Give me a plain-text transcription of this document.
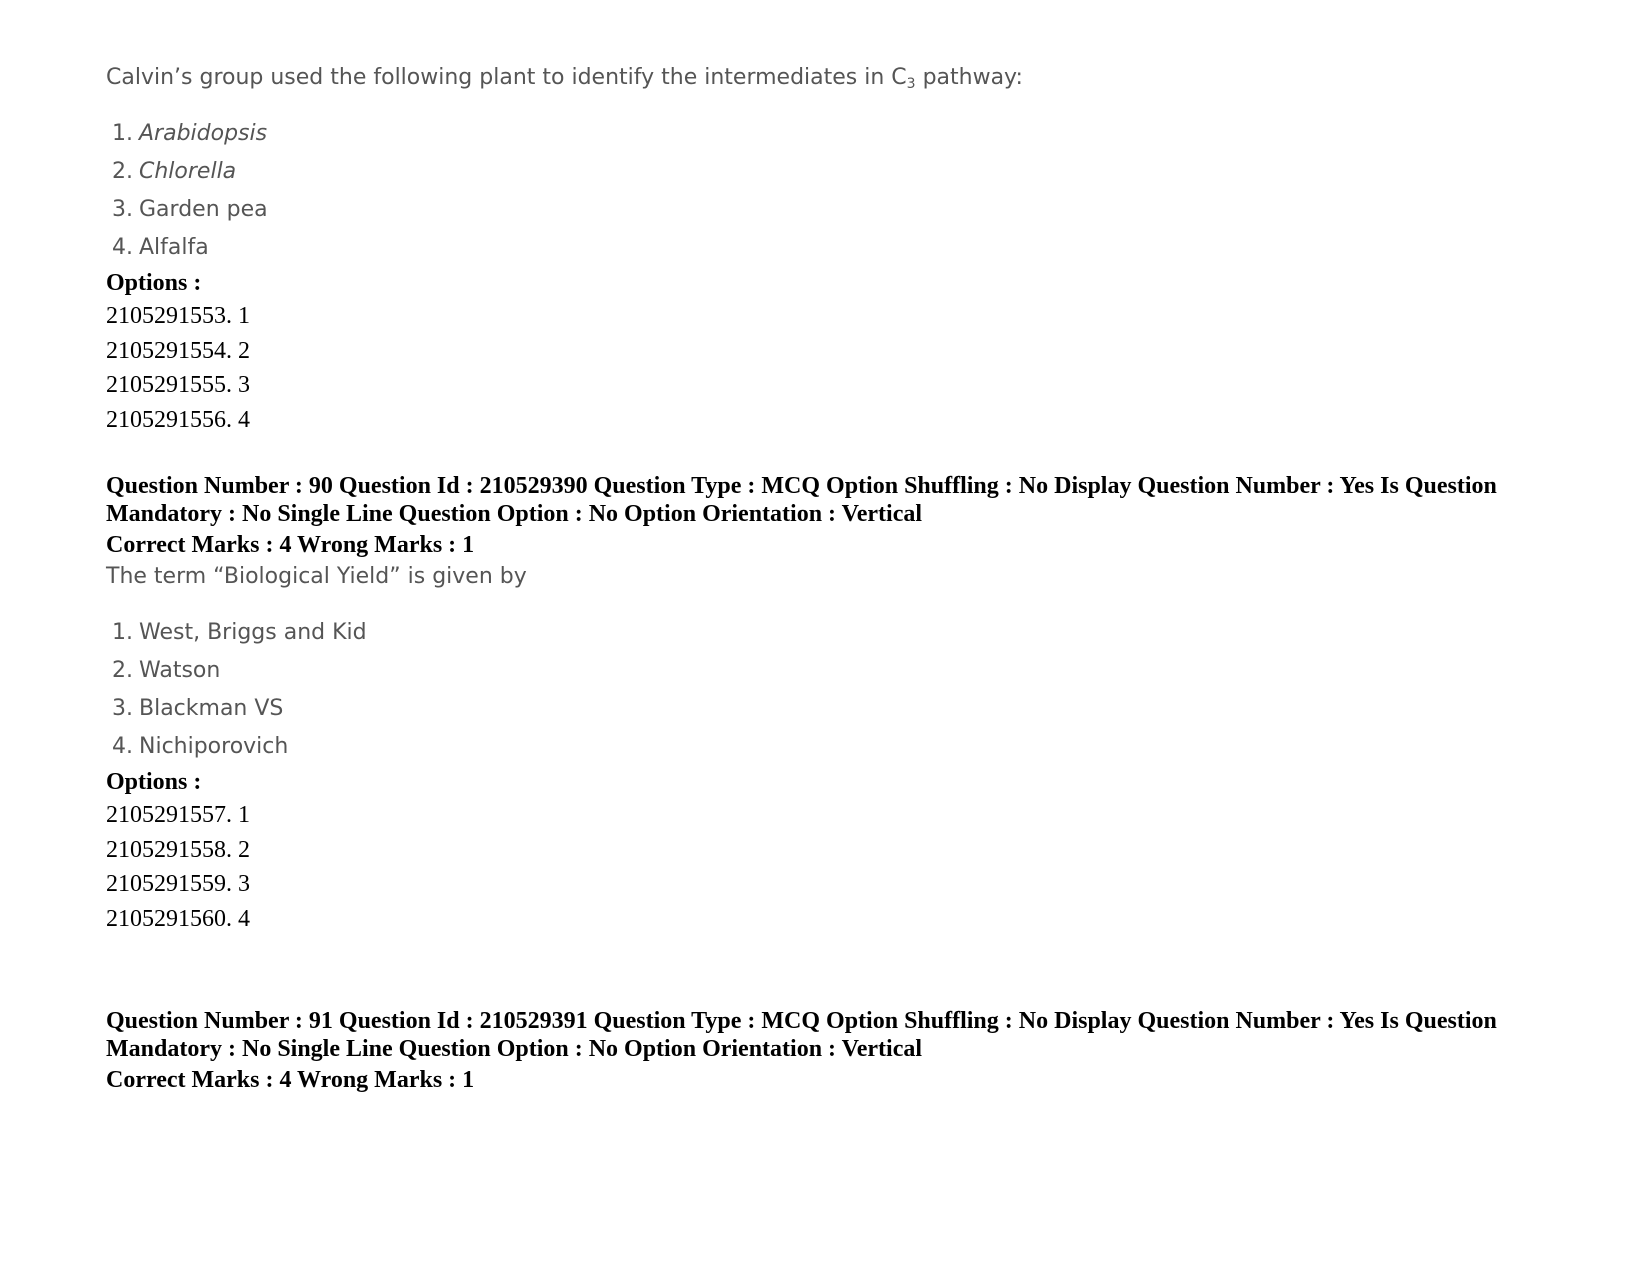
Calvin’s group used the following plant to identify the intermediates in $C_3$ pathway:

1. Arabidopsis
2. Chlorella
3. Garden pea
4. Alfalfa

Options :

2105291553. 1
2105291554. 2
2105291555. 3
2105291556. 4

Question Number : 90 Question Id : 210529390 Question Type : MCQ Option Shuffling : No Display Question Number : Yes Is Question Mandatory : No Single Line Question Option : No Option Orientation : Vertical

Correct Marks : 4 Wrong Marks : 1

The term “Biological Yield” is given by

1. West, Briggs and Kid
2. Watson
3. Blackman VS
4. Nichiporovich

Options :

2105291557. 1
2105291558. 2
2105291559. 3
2105291560. 4

Question Number : 91 Question Id : 210529391 Question Type : MCQ Option Shuffling : No Display Question Number : Yes Is Question Mandatory : No Single Line Question Option : No Option Orientation : Vertical

Correct Marks : 4 Wrong Marks : 1
